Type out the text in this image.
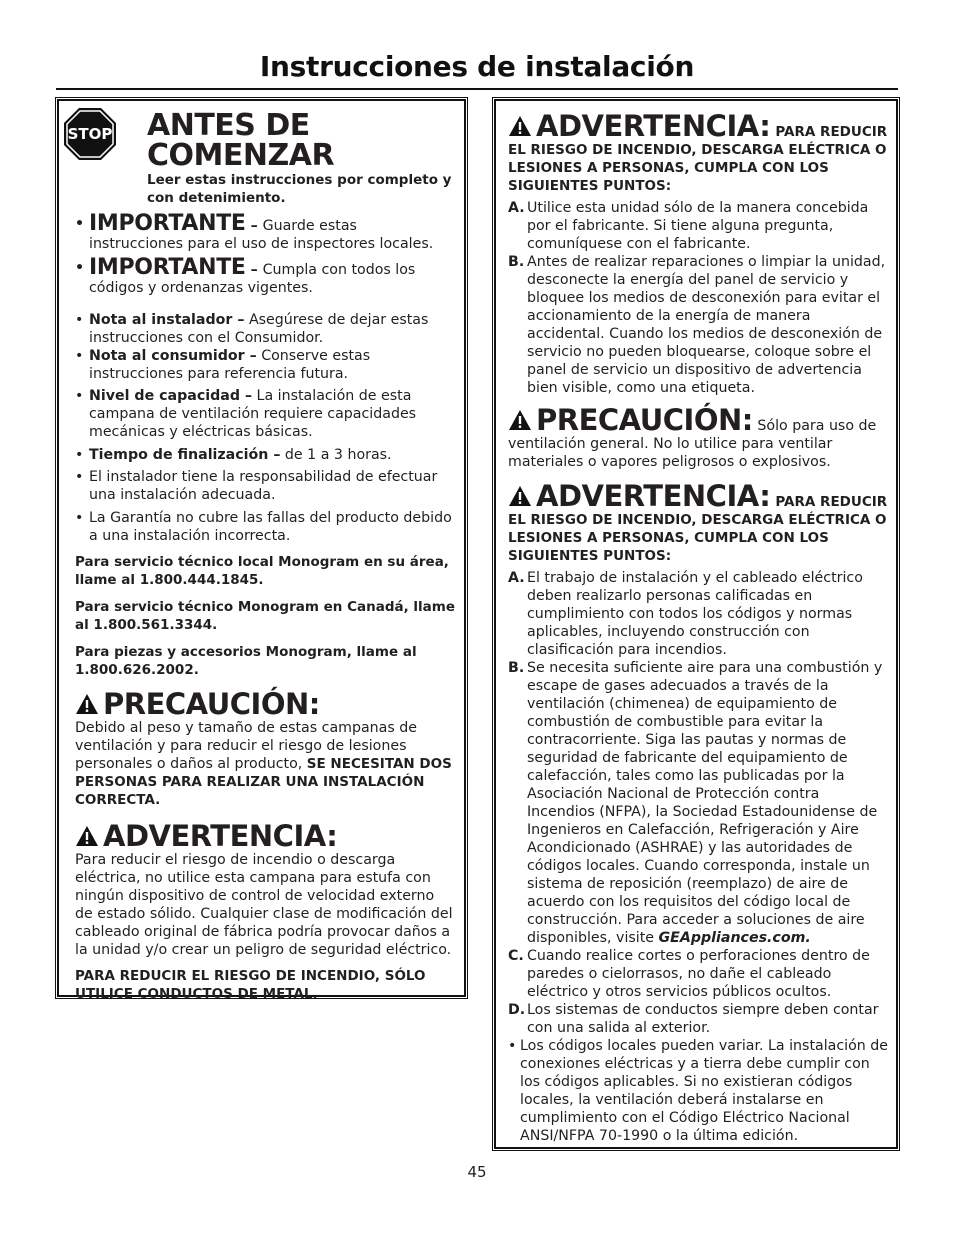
Instrucciones de instalación
STOP ANTES DE COMENZAR

Leer estas instrucciones por completo y con detenimiento.

• IMPORTANTE – Guarde estas instrucciones para el uso de inspectores locales.

• IMPORTANTE – Cumpla con todos los códigos y ordenanzas vigentes.

• Nota al instalador – Asegúrese de dejar estas instrucciones con el Consumidor.

• Nota al consumidor – Conserve estas instrucciones para referencia futura.

• Nivel de capacidad – La instalación de esta campana de ventilación requiere capacidades mecánicas y eléctricas básicas.

• Tiempo de finalización – de 1 a 3 horas.

• El instalador tiene la responsabilidad de efectuar una instalación adecuada.

• La Garantía no cubre las fallas del producto debido a una instalación incorrecta.

Para servicio técnico local Monogram en su área, llame al 1.800.444.1845.

Para servicio técnico Monogram en Canadá, llame al 1.800.561.3344.

Para piezas y accesorios Monogram, llame al 1.800.626.2002.

PRECAUCIÓN:

Debido al peso y tamaño de estas campanas de ventilación y para reducir el riesgo de lesiones personales o daños al producto, SE NECESITAN DOS PERSONAS PARA REALIZAR UNA INSTALACIÓN CORRECTA.

ADVERTENCIA:

Para reducir el riesgo de incendio o descarga eléctrica, no utilice esta campana para estufa con ningún dispositivo de control de velocidad externo de estado sólido. Cualquier clase de modificación del cableado original de fábrica podría provocar daños a la unidad y/o crear un peligro de seguridad eléctrico.

PARA REDUCIR EL RIESGO DE INCENDIO, SÓLO UTILICE CONDUCTOS DE METAL.

ADVERTENCIA: PARA REDUCIR

EL RIESGO DE INCENDIO, DESCARGA ELÉCTRICA O LESIONES A PERSONAS, CUMPLA CON LOS SIGUIENTES PUNTOS:

A. Utilice esta unidad sólo de la manera concebida por el fabricante. Si tiene alguna pregunta, comuníquese con el fabricante.

B. Antes de realizar reparaciones o limpiar la unidad, desconecte la energía del panel de servicio y bloquee los medios de desconexión para evitar el accionamiento de la energía de manera accidental. Cuando los medios de desconexión de servicio no pueden bloquearse, coloque sobre el panel de servicio un dispositivo de advertencia bien visible, como una etiqueta.

PRECAUCIÓN: Sólo para uso de ventilación general. No lo utilice para ventilar materiales o vapores peligrosos o explosivos.

ADVERTENCIA: PARA REDUCIR

EL RIESGO DE INCENDIO, DESCARGA ELÉCTRICA O LESIONES A PERSONAS, CUMPLA CON LOS SIGUIENTES PUNTOS:

A. El trabajo de instalación y el cableado eléctrico deben realizarlo personas calificadas en cumplimiento con todos los códigos y normas aplicables, incluyendo construcción con clasificación para incendios.

B. Se necesita suficiente aire para una combustión y escape de gases adecuados a través de la ventilación (chimenea) de equipamiento de combustión de combustible para evitar la contracorriente. Siga las pautas y normas de seguridad de fabricante del equipamiento de calefacción, tales como las publicadas por la Asociación Nacional de Protección contra Incendios (NFPA), la Sociedad Estadounidense de Ingenieros en Calefacción, Refrigeración y Aire Acondicionado (ASHRAE) y las autoridades de códigos locales. Cuando corresponda, instale un sistema de reposición (reemplazo) de aire de acuerdo con los requisitos del código local de construcción. Para acceder a soluciones de aire disponibles, visite GEAppliances.com.

C. Cuando realice cortes o perforaciones dentro de paredes o cielorrasos, no dañe el cableado eléctrico y otros servicios públicos ocultos.

D. Los sistemas de conductos siempre deben contar con una salida al exterior.

• Los códigos locales pueden variar. La instalación de conexiones eléctricas y a tierra debe cumplir con los códigos aplicables. Si no existieran códigos locales, la ventilación deberá instalarse en cumplimiento con el Código Eléctrico Nacional ANSI/NFPA 70-1990 o la última edición.

45
